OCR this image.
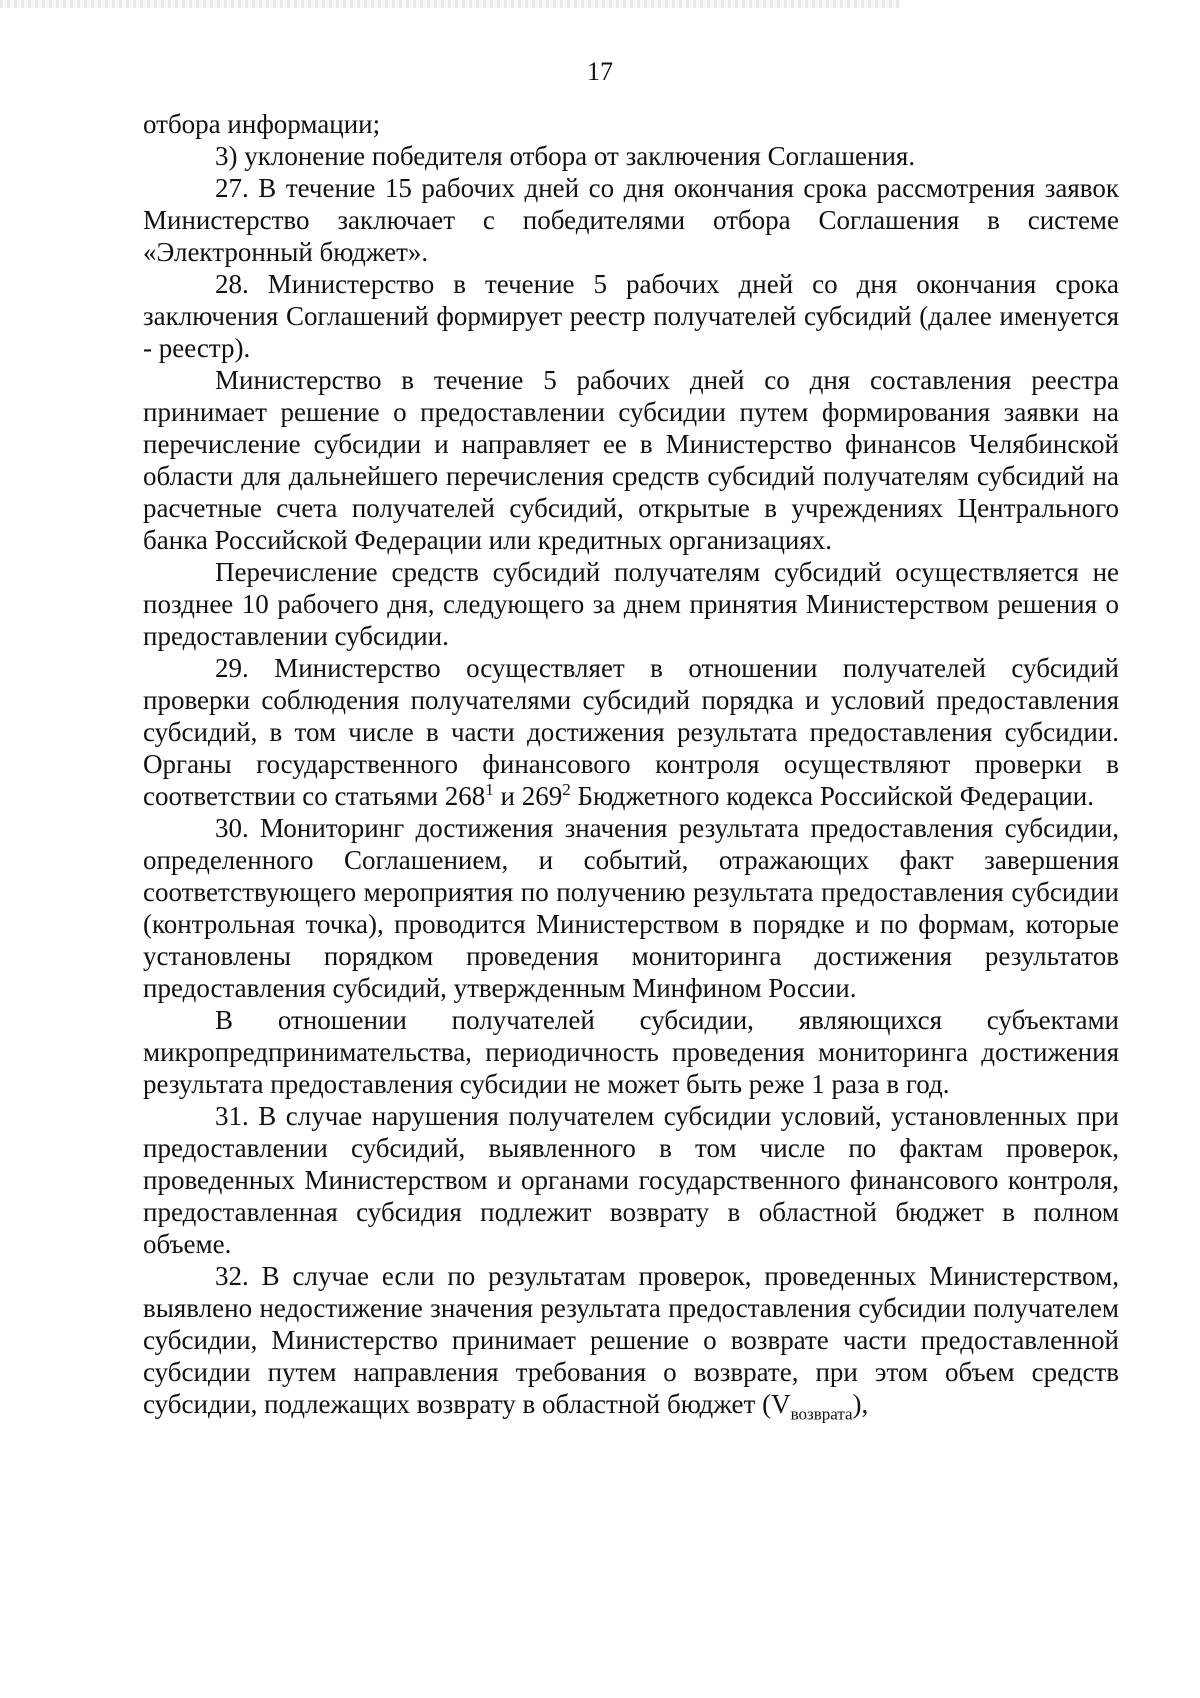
17

отбора информации;

3) уклонение победителя отбора от заключения Соглашения.

27. В течение 15 рабочих дней со дня окончания срока рассмотрения заявок Министерство заключает с победителями отбора Соглашения в системе «Электронный бюджет».

28. Министерство в течение 5 рабочих дней со дня окончания срока заключения Соглашений формирует реестр получателей субсидий (далее именуется - реестр).

Министерство в течение 5 рабочих дней со дня составления реестра принимает решение о предоставлении субсидии путем формирования заявки на перечисление субсидии и направляет ее в Министерство финансов Челябинской области для дальнейшего перечисления средств субсидий получателям субсидий на расчетные счета получателей субсидий, открытые в учреждениях Центрального банка Российской Федерации или кредитных организациях.

Перечисление средств субсидий получателям субсидий осуществляется не позднее 10 рабочего дня, следующего за днем принятия Министерством решения о предоставлении субсидии.

29. Министерство осуществляет в отношении получателей субсидий проверки соблюдения получателями субсидий порядка и условий предоставления субсидий, в том числе в части достижения результата предоставления субсидии. Органы государственного финансового контроля осуществляют проверки в соответствии со статьями $268^1$ и $269^2$ Бюджетного кодекса Российской Федерации.

30. Мониторинг достижения значения результата предоставления субсидии, определенного Соглашением, и событий, отражающих факт завершения соответствующего мероприятия по получению результата предоставления субсидии (контрольная точка), проводится Министерством в порядке и по формам, которые установлены порядком проведения мониторинга достижения результатов предоставления субсидий, утвержденным Минфином России.

В отношении получателей субсидии, являющихся субъектами микропредпринимательства, периодичность проведения мониторинга достижения результата предоставления субсидии не может быть реже 1 раза в год.

31. В случае нарушения получателем субсидии условий, установленных при предоставлении субсидий, выявленного в том числе по фактам проверок, проведенных Министерством и органами государственного финансового контроля, предоставленная субсидия подлежит возврату в областной бюджет в полном объеме.

32. В случае если по результатам проверок, проведенных Министерством, выявлено недостижение значения результата предоставления субсидии получателем субсидии, Министерство принимает решение о возврате части предоставленной субсидии путем направления требования о возврате, при этом объем средств субсидии, подлежащих возврату в областной бюджет $(V_{возврата})$,
